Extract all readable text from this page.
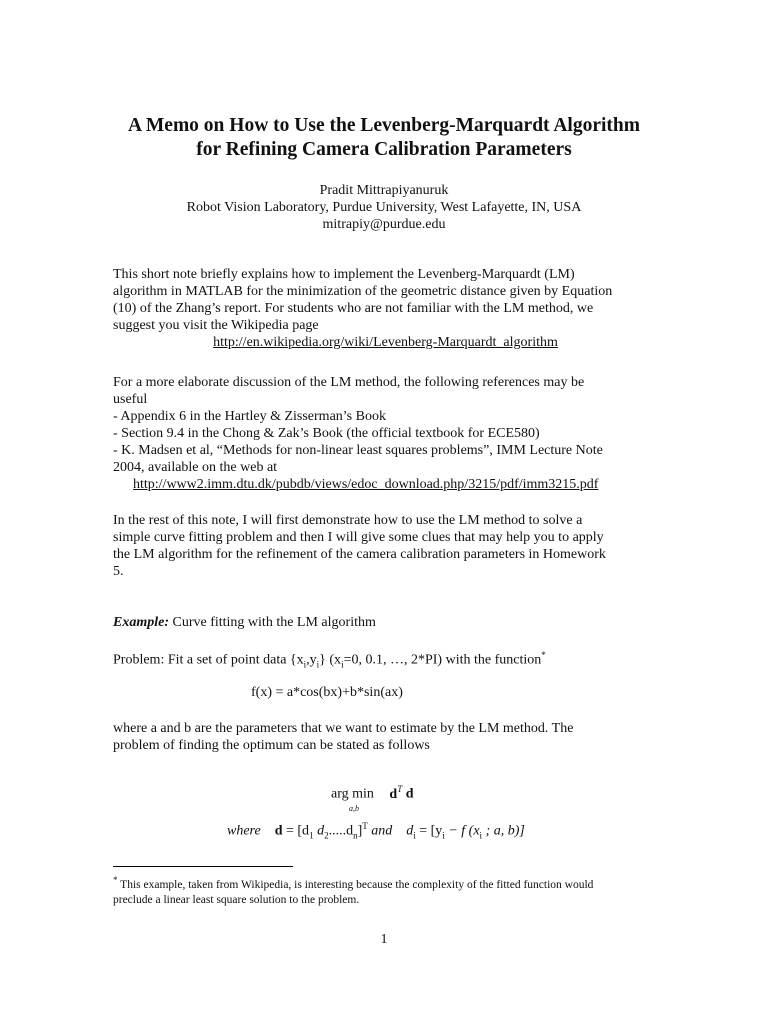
A Memo on How to Use the Levenberg-Marquardt Algorithm
for Refining Camera Calibration Parameters
Pradit Mittrapiyanuruk
Robot Vision Laboratory, Purdue University, West Lafayette, IN, USA
mitrapiy@purdue.edu
This short note briefly explains how to implement the Levenberg-Marquardt (LM)
algorithm in MATLAB for the minimization of the geometric distance given by Equation
(10) of the Zhang’s report. For students who are not familiar with the LM method, we
suggest you visit the Wikipedia page
http://en.wikipedia.org/wiki/Levenberg-Marquardt_algorithm
For a more elaborate discussion of the LM method, the following references may be
useful
- Appendix 6 in the Hartley & Zisserman’s Book
- Section 9.4 in the Chong & Zak’s Book (the official textbook for ECE580)
- K. Madsen et al, “Methods for non-linear least squares problems”, IMM Lecture Note
2004, available on the web at
http://www2.imm.dtu.dk/pubdb/views/edoc_download.php/3215/pdf/imm3215.pdf
In the rest of this note, I will first demonstrate how to use the LM method to solve a
simple curve fitting problem and then I will give some clues that may help you to apply
the LM algorithm for the refinement of the camera calibration parameters in Homework
5.
Example: Curve fitting with the LM algorithm
Problem: Fit a set of point data $\{x_i,y_i\}$ ($x_i=0$, 0.1, …, 2*PI) with the function*
f(x) = a*cos(bx)+b*sin(ax)
where a and b are the parameters that we want to estimate by the LM method. The
problem of finding the optimum can be stated as follows
arg min
a,b
$d^T$ d
where $d = [d_1$ $d_2.....d_n]^T$ and    $d_i = [y_i - f$ ($x_i$ ; a, b)]
* This example, taken from Wikipedia, is interesting because the complexity of the fitted function would
preclude a linear least square solution to the problem.
1
